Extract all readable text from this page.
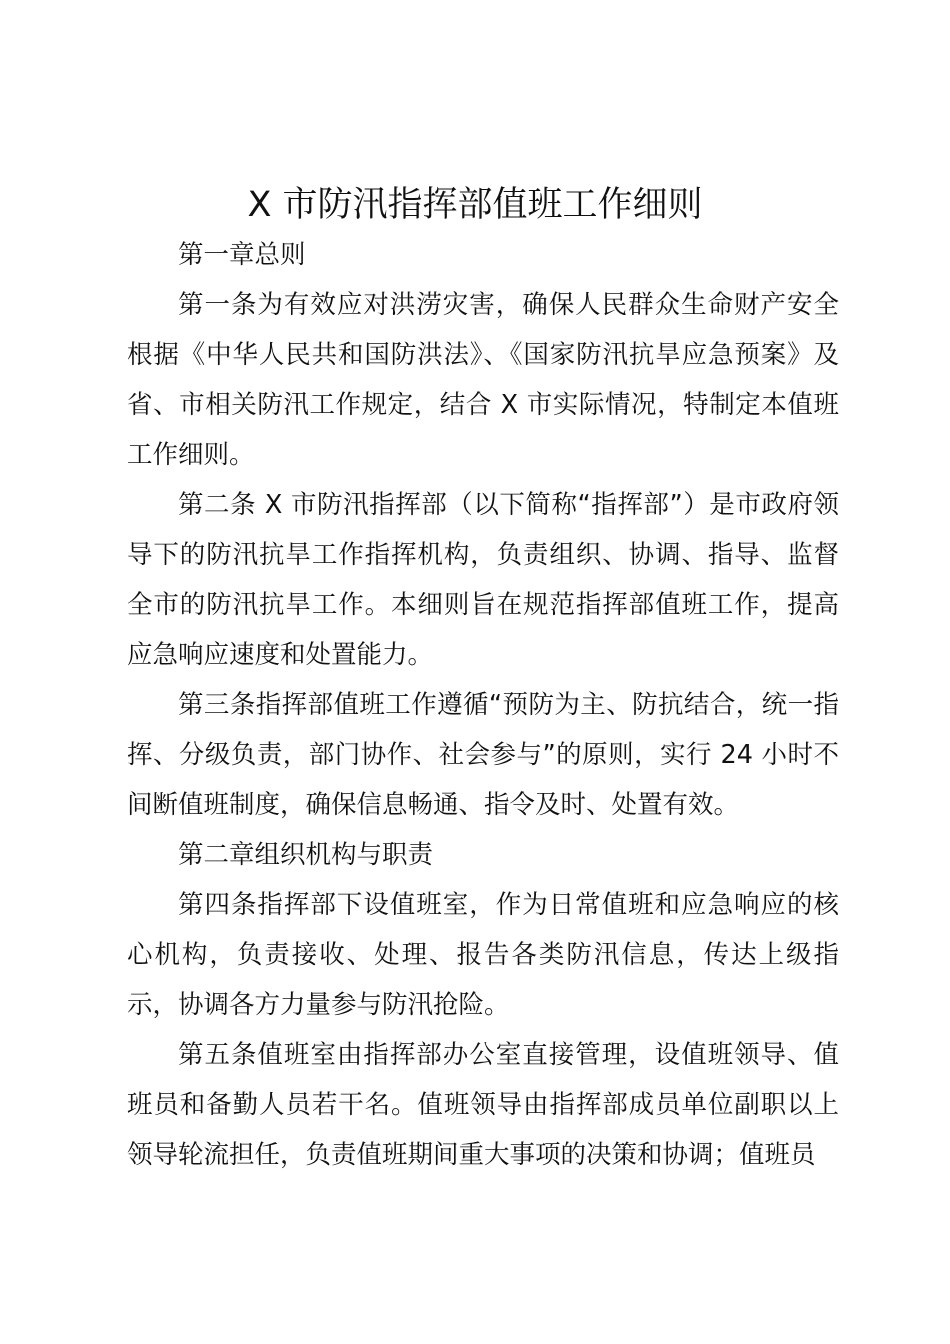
X 市防汛指挥部值班工作细则

第一章总则

第一条为有效应对洪涝灾害，确保人民群众生命财产安全根据《中华人民共和国防洪法》、《国家防汛抗旱应急预案》及省、市相关防汛工作规定，结合 X 市实际情况，特制定本值班工作细则。

第二条 X 市防汛指挥部（以下简称“指挥部”）是市政府领导下的防汛抗旱工作指挥机构，负责组织、协调、指导、监督全市的防汛抗旱工作。本细则旨在规范指挥部值班工作，提高应急响应速度和处置能力。

第三条指挥部值班工作遵循“预防为主、防抗结合，统一指挥、分级负责，部门协作、社会参与”的原则，实行 24 小时不间断值班制度，确保信息畅通、指令及时、处置有效。

第二章组织机构与职责

第四条指挥部下设值班室，作为日常值班和应急响应的核心机构，负责接收、处理、报告各类防汛信息，传达上级指示，协调各方力量参与防汛抢险。

第五条值班室由指挥部办公室直接管理，设值班领导、值班员和备勤人员若干名。值班领导由指挥部成员单位副职以上领导轮流担任，负责值班期间重大事项的决策和协调；值班员
